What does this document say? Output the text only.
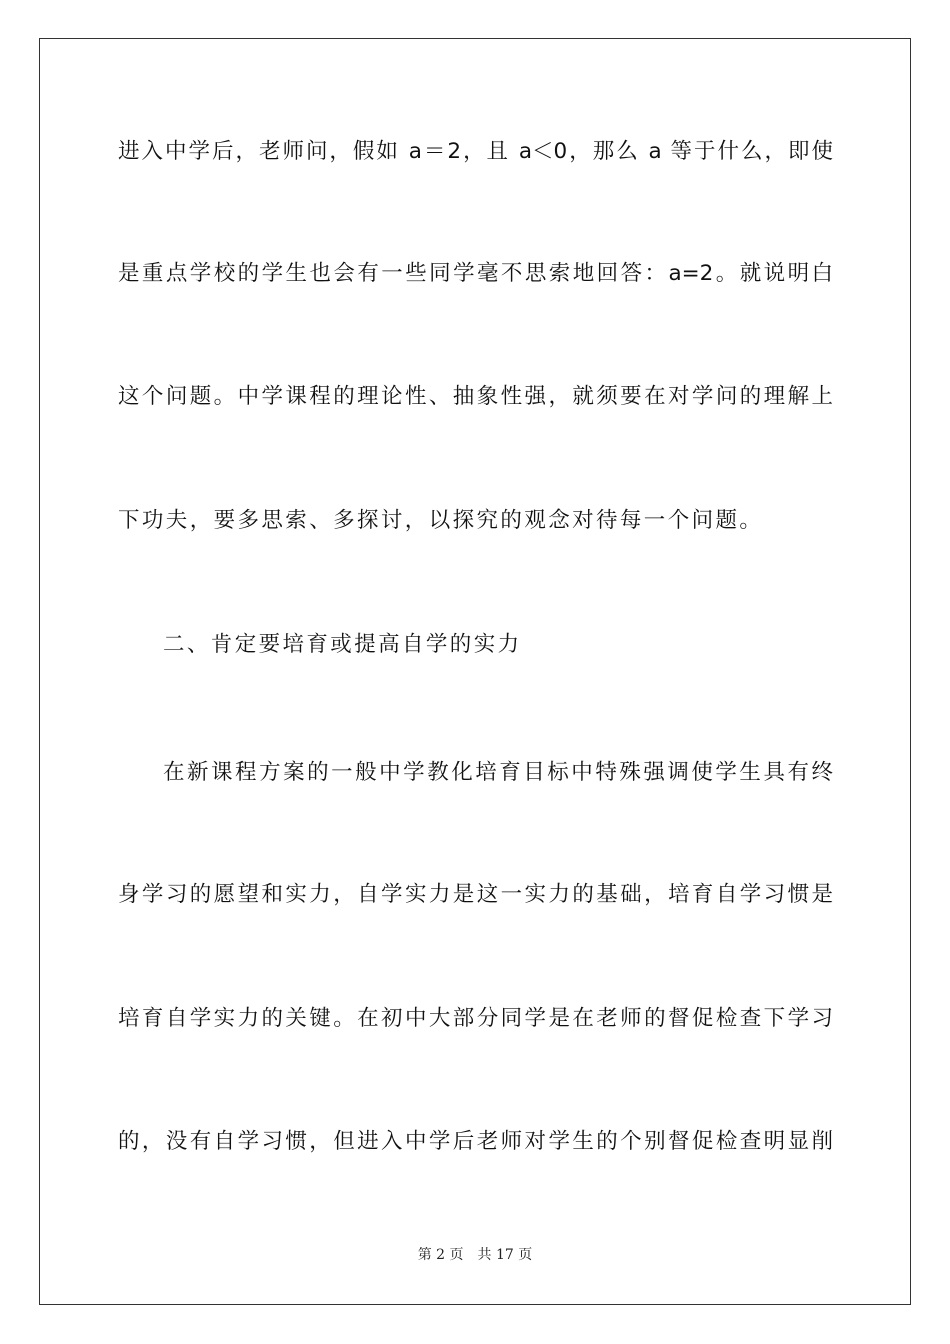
进入中学后，老师问，假如 a＝2，且 a＜0，那么 a 等于什么，即使
是重点学校的学生也会有一些同学毫不思索地回答：a=2。就说明白
这个问题。中学课程的理论性、抽象性强，就须要在对学问的理解上
下功夫，要多思索、多探讨，以探究的观念对待每一个问题。
二、肯定要培育或提高自学的实力
在新课程方案的一般中学教化培育目标中特殊强调使学生具有终
身学习的愿望和实力，自学实力是这一实力的基础，培育自学习惯是
培育自学实力的关键。在初中大部分同学是在老师的督促检查下学习
的，没有自学习惯，但进入中学后老师对学生的个别督促检查明显削
第 2 页 共 17 页
